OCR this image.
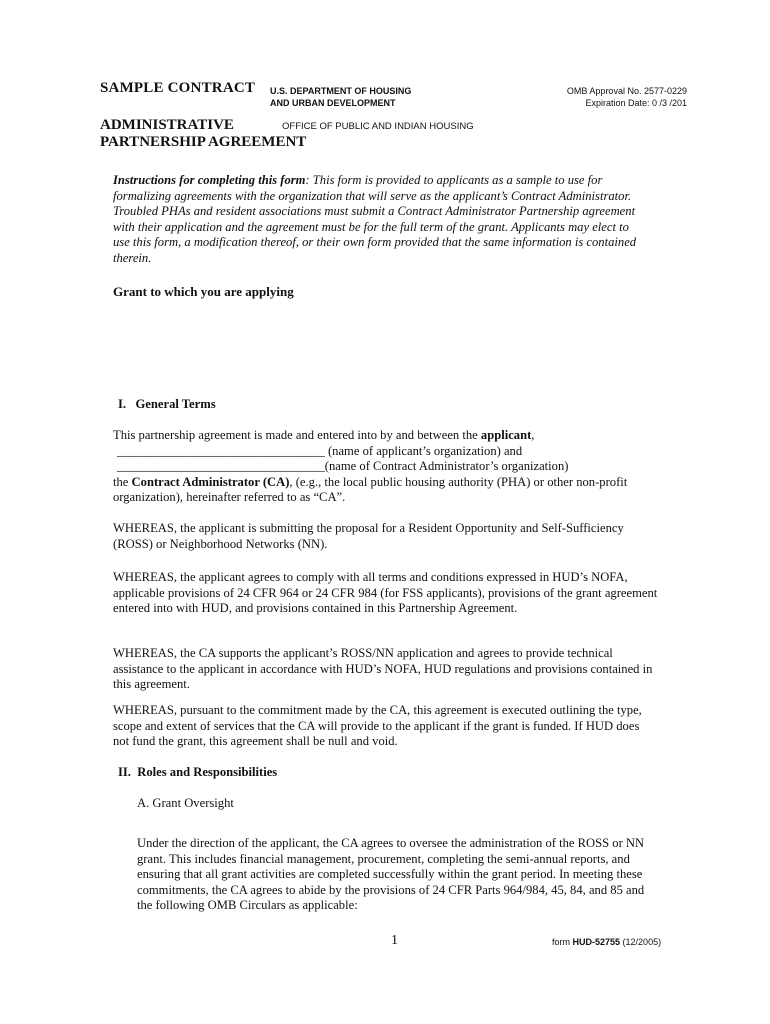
SAMPLE CONTRACT U.S. DEPARTMENT OF HOUSING
AND URBAN DEVELOPMENT
OMB Approval No. 2577-0229
Expiration Date: 0 /3 /201
ADMINISTRATIVE
PARTNERSHIP AGREEMENT
OFFICE OF PUBLIC AND INDIAN HOUSING

Instructions for completing this form: This form is provided to applicants as a sample to use for formalizing agreements with the organization that will serve as the applicant’s Contract Administrator. Troubled PHAs and resident associations must submit a Contract Administrator Partnership agreement with their application and the agreement must be for the full term of the grant. Applicants may elect to use this form, a modification thereof, or their own form provided that the same information is contained therein.

Grant to which you are applying
I.   General Terms
This partnership agreement is made and entered into by and between the applicant,
_________________________________ (name of applicant’s organization) and
_________________________________(name of Contract Administrator’s organization)
the Contract Administrator (CA), (e.g., the local public housing authority (PHA) or other non-profit organization), hereinafter referred to as “CA”.

WHEREAS, the applicant is submitting the proposal for a Resident Opportunity and Self-Sufficiency (ROSS) or Neighborhood Networks (NN).

WHEREAS, the applicant agrees to comply with all terms and conditions expressed in HUD’s NOFA, applicable provisions of 24 CFR 964 or 24 CFR 984 (for FSS applicants), provisions of the grant agreement entered into with HUD, and provisions contained in this Partnership Agreement.

WHEREAS, the CA supports the applicant’s ROSS/NN application and agrees to provide technical assistance to the applicant in accordance with HUD’s NOFA, HUD regulations and provisions contained in this agreement.

WHEREAS, pursuant to the commitment made by the CA, this agreement is executed outlining the type, scope and extent of services that the CA will provide to the applicant if the grant is funded. If HUD does not fund the grant, this agreement shall be null and void.

II.  Roles and Responsibilities
A. Grant Oversight

Under the direction of the applicant, the CA agrees to oversee the administration of the ROSS or NN grant. This includes financial management, procurement, completing the semi-annual reports, and ensuring that all grant activities are completed successfully within the grant period. In meeting these commitments, the CA agrees to abide by the provisions of 24 CFR Parts 964/984, 45, 84, and 85 and the following OMB Circulars as applicable:

1	form HUD-52755 (12/2005)
